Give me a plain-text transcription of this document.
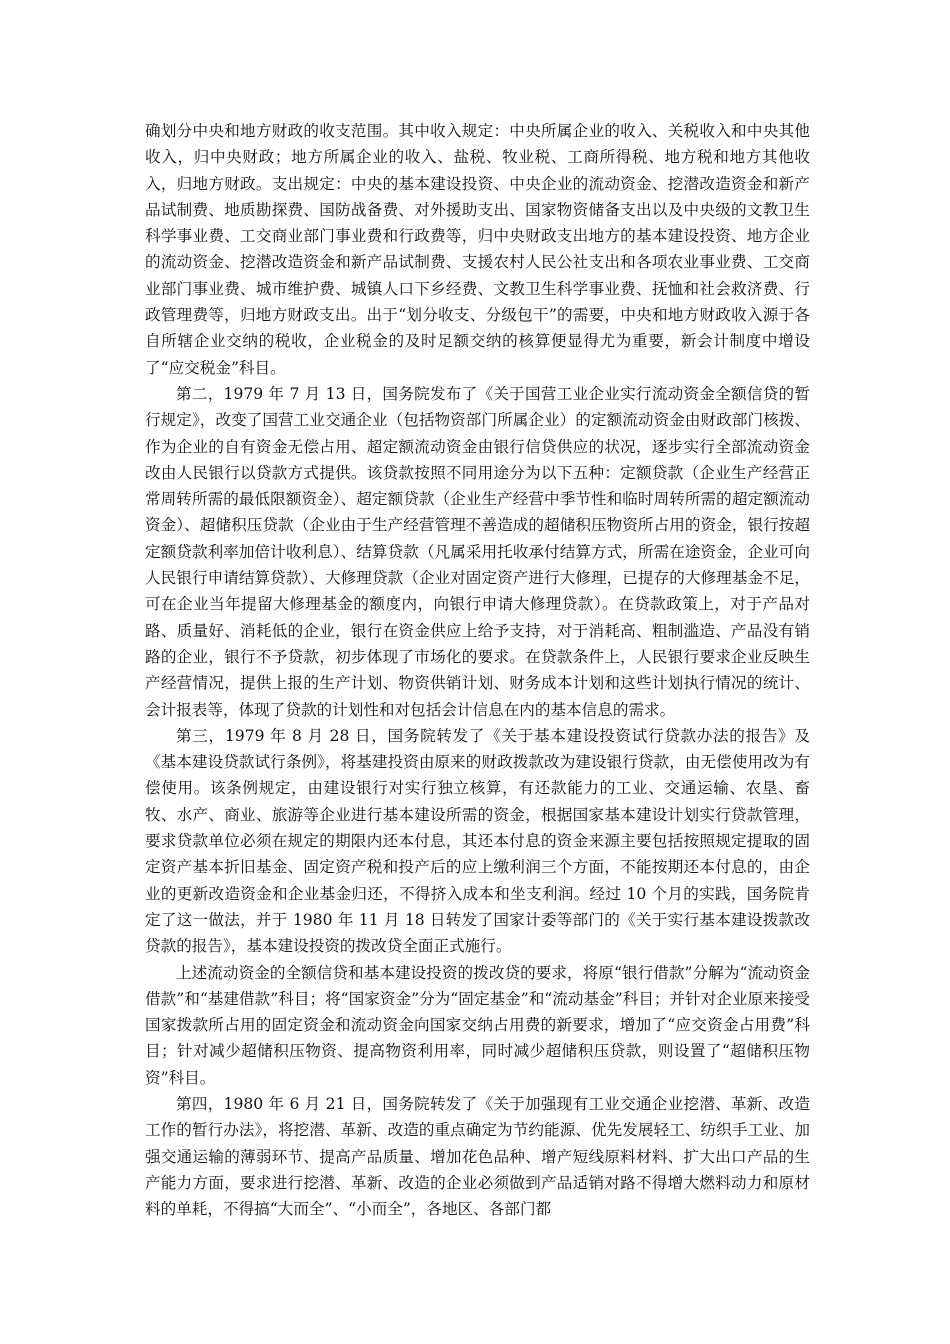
确划分中央和地方财政的收支范围。其中收入规定：中央所属企业的收入、关税收入和中央其他收入，归中央财政；地方所属企业的收入、盐税、牧业税、工商所得税、地方税和地方其他收入，归地方财政。支出规定：中央的基本建设投资、中央企业的流动资金、挖潜改造资金和新产品试制费、地质勘探费、国防战备费、对外援助支出、国家物资储备支出以及中央级的文教卫生科学事业费、工交商业部门事业费和行政费等，归中央财政支出地方的基本建设投资、地方企业的流动资金、挖潜改造资金和新产品试制费、支援农村人民公社支出和各项农业事业费、工交商业部门事业费、城市维护费、城镇人口下乡经费、文教卫生科学事业费、抚恤和社会救济费、行政管理费等，归地方财政支出。出于“划分收支、分级包干”的需要，中央和地方财政收入源于各自所辖企业交纳的税收，企业税金的及时足额交纳的核算便显得尤为重要，新会计制度中增设了“应交税金”科目。

第二，1979 年 7 月 13 日，国务院发布了《关于国营工业企业实行流动资金全额信贷的暂行规定》，改变了国营工业交通企业（包括物资部门所属企业）的定额流动资金由财政部门核拨、作为企业的自有资金无偿占用、超定额流动资金由银行信贷供应的状况，逐步实行全部流动资金改由人民银行以贷款方式提供。该贷款按照不同用途分为以下五种：定额贷款（企业生产经营正常周转所需的最低限额资金）、超定额贷款（企业生产经营中季节性和临时周转所需的超定额流动资金）、超储积压贷款（企业由于生产经营管理不善造成的超储积压物资所占用的资金，银行按超定额贷款利率加倍计收利息）、结算贷款（凡属采用托收承付结算方式，所需在途资金，企业可向人民银行申请结算贷款）、大修理贷款（企业对固定资产进行大修理，已提存的大修理基金不足，可在企业当年提留大修理基金的额度内，向银行申请大修理贷款）。在贷款政策上，对于产品对路、质量好、消耗低的企业，银行在资金供应上给予支持，对于消耗高、粗制滥造、产品没有销路的企业，银行不予贷款，初步体现了市场化的要求。在贷款条件上，人民银行要求企业反映生产经营情况，提供上报的生产计划、物资供销计划、财务成本计划和这些计划执行情况的统计、会计报表等，体现了贷款的计划性和对包括会计信息在内的基本信息的需求。

第三，1979 年 8 月 28 日，国务院转发了《关于基本建设投资试行贷款办法的报告》及《基本建设贷款试行条例》，将基建投资由原来的财政拨款改为建设银行贷款，由无偿使用改为有偿使用。该条例规定，由建设银行对实行独立核算，有还款能力的工业、交通运输、农垦、畜牧、水产、商业、旅游等企业进行基本建设所需的资金，根据国家基本建设计划实行贷款管理，要求贷款单位必须在规定的期限内还本付息，其还本付息的资金来源主要包括按照规定提取的固定资产基本折旧基金、固定资产税和投产后的应上缴利润三个方面，不能按期还本付息的，由企业的更新改造资金和企业基金归还，不得挤入成本和坐支利润。经过 10 个月的实践，国务院肯定了这一做法，并于 1980 年 11 月 18 日转发了国家计委等部门的《关于实行基本建设拨款改贷款的报告》，基本建设投资的拨改贷全面正式施行。

上述流动资金的全额信贷和基本建设投资的拨改贷的要求，将原“银行借款”分解为“流动资金借款”和“基建借款”科目；将“国家资金”分为“固定基金”和“流动基金”科目；并针对企业原来接受国家拨款所占用的固定资金和流动资金向国家交纳占用费的新要求，增加了“应交资金占用费”科目；针对减少超储积压物资、提高物资利用率，同时减少超储积压贷款，则设置了“超储积压物资”科目。

第四，1980 年 6 月 21 日，国务院转发了《关于加强现有工业交通企业挖潜、革新、改造工作的暂行办法》，将挖潜、革新、改造的重点确定为节约能源、优先发展轻工、纺织手工业、加强交通运输的薄弱环节、提高产品质量、增加花色品种、增产短线原料材料、扩大出口产品的生产能力方面，要求进行挖潜、革新、改造的企业必须做到产品适销对路不得增大燃料动力和原材料的单耗，不得搞“大而全”、“小而全”，各地区、各部门都
